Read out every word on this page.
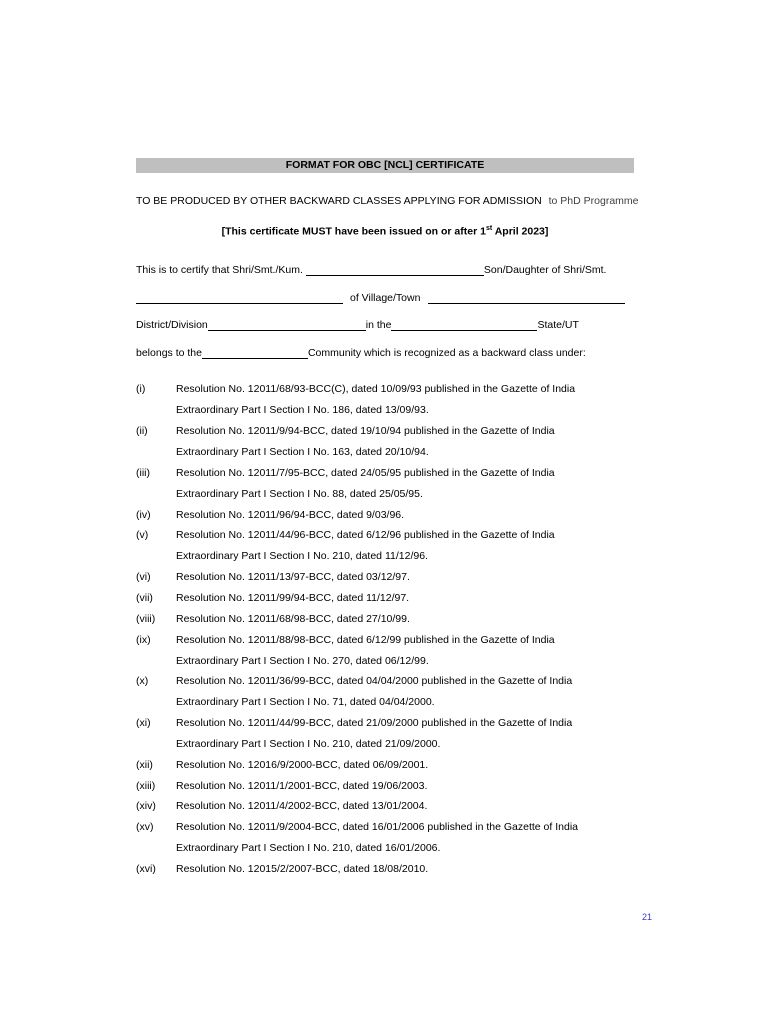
FORMAT FOR OBC [NCL] CERTIFICATE
TO BE PRODUCED BY OTHER BACKWARD CLASSES APPLYING FOR ADMISSION to PhD Programme
[This certificate MUST have been issued on or after 1st April 2023]
This is to certify that Shri/Smt./Kum.	Son/Daughter of Shri/Smt.
of Village/Town
District/Division	in the	State/UT
belongs to the	Community which is recognized as a backward class under:
(i)	Resolution No. 12011/68/93-BCC(C), dated 10/09/93 published in the Gazette of India
Extraordinary Part I Section I No. 186, dated 13/09/93.
(ii)	Resolution No. 12011/9/94-BCC, dated 19/10/94 published in the Gazette of India
Extraordinary Part I Section I No. 163, dated 20/10/94.
(iii) Resolution No. 12011/7/95-BCC, dated 24/05/95 published in the Gazette of India
Extraordinary Part I Section I No. 88, dated 25/05/95.
(iv) Resolution No. 12011/96/94-BCC, dated 9/03/96.
(v)	Resolution No. 12011/44/96-BCC, dated 6/12/96 published in the Gazette of India
Extraordinary Part I Section I No. 210, dated 11/12/96.
(vi) Resolution No. 12011/13/97-BCC, dated 03/12/97.
(vii) Resolution No. 12011/99/94-BCC, dated 11/12/97.
(viii) Resolution No. 12011/68/98-BCC, dated 27/10/99.
(ix) Resolution No. 12011/88/98-BCC, dated 6/12/99 published in the Gazette of India
Extraordinary Part I Section I No. 270, dated 06/12/99.
(x)	Resolution No. 12011/36/99-BCC, dated 04/04/2000 published in the Gazette of India
Extraordinary Part I Section I No. 71, dated 04/04/2000.
(xi) Resolution No. 12011/44/99-BCC, dated 21/09/2000 published in the Gazette of India
Extraordinary Part I Section I No. 210, dated 21/09/2000.
(xii) Resolution No. 12016/9/2000-BCC, dated 06/09/2001.
(xiii) Resolution No. 12011/1/2001-BCC, dated 19/06/2003.
(xiv) Resolution No. 12011/4/2002-BCC, dated 13/01/2004.
(xv) Resolution No. 12011/9/2004-BCC, dated 16/01/2006 published in the Gazette of India
Extraordinary Part I Section I No. 210, dated 16/01/2006.
(xvi) Resolution No. 12015/2/2007-BCC, dated 18/08/2010.
21
